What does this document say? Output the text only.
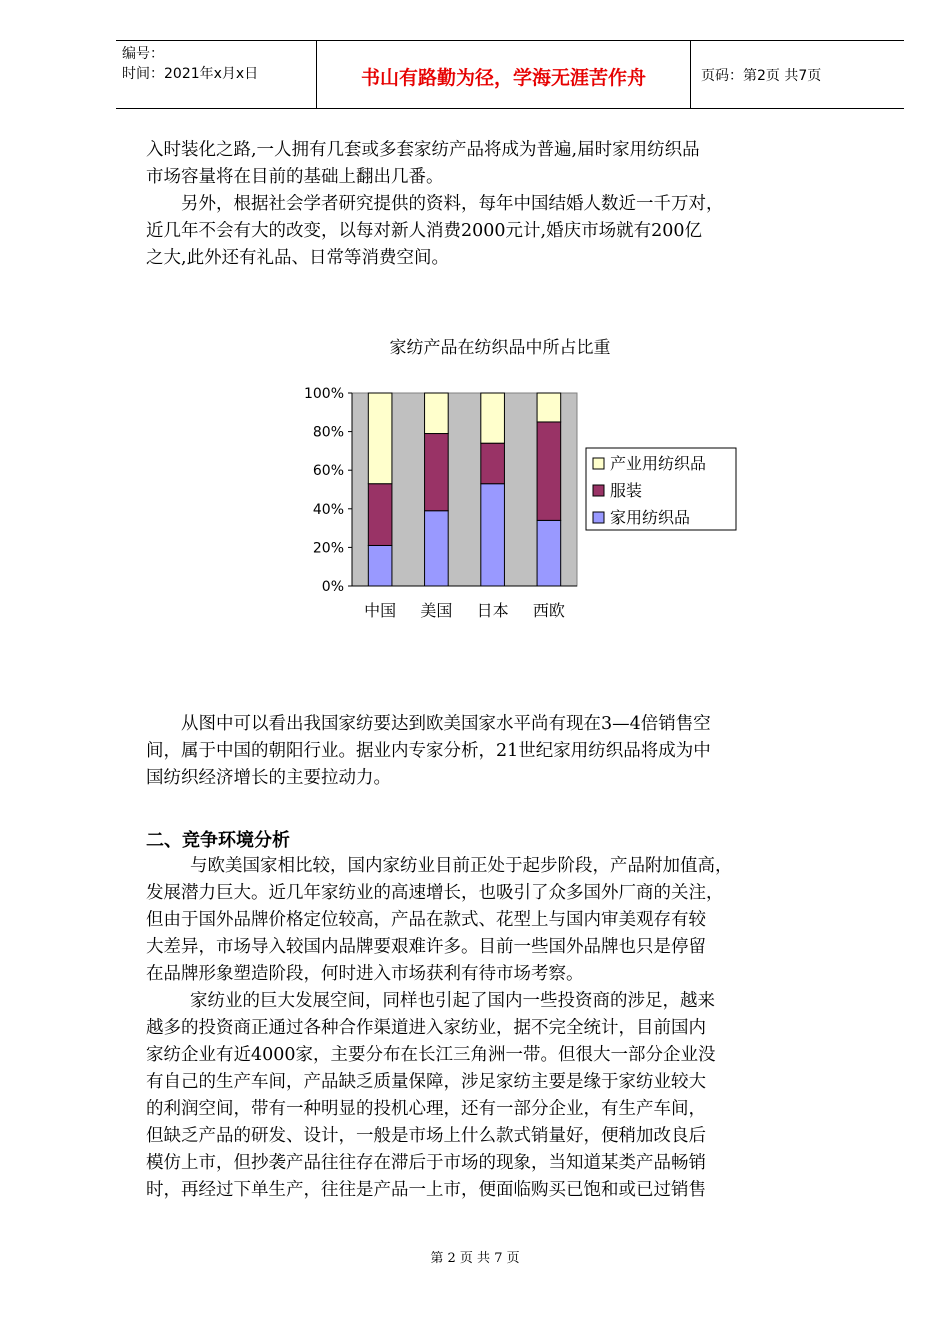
编号：
时间：2021年x月x日	书山有路勤为径，学海无涯苦作舟	页码：第2页 共7页
入时装化之路,一人拥有几套或多套家纺产品将成为普遍,届时家用纺织品
市场容量将在目前的基础上翻出几番。
另外，根据社会学者研究提供的资料，每年中国结婚人数近一千万对，
近几年不会有大的改变，以每对新人消费2000元计,婚庆市场就有200亿
之大,此外还有礼品、日常等消费空间。
家纺产品在纺织品中所占比重
0%
20%
40%
60%
80%
100%
中国 美国 日本 西欧
产业用纺织品
服装
家用纺织品
从图中可以看出我国家纺要达到欧美国家水平尚有现在3—4倍销售空
间，属于中国的朝阳行业。据业内专家分析，21世纪家用纺织品将成为中
国纺织经济增长的主要拉动力。
二、竞争环境分析
与欧美国家相比较，国内家纺业目前正处于起步阶段，产品附加值高，
发展潜力巨大。近几年家纺业的高速增长，也吸引了众多国外厂商的关注，
但由于国外品牌价格定位较高，产品在款式、花型上与国内审美观存有较
大差异，市场导入较国内品牌要艰难许多。目前一些国外品牌也只是停留
在品牌形象塑造阶段，何时进入市场获利有待市场考察。
家纺业的巨大发展空间，同样也引起了国内一些投资商的涉足，越来
越多的投资商正通过各种合作渠道进入家纺业，据不完全统计，目前国内
家纺企业有近4000家，主要分布在长江三角洲一带。但很大一部分企业没
有自己的生产车间，产品缺乏质量保障，涉足家纺主要是缘于家纺业较大
的利润空间，带有一种明显的投机心理，还有一部分企业，有生产车间，
但缺乏产品的研发、设计，一般是市场上什么款式销量好，便稍加改良后
模仿上市，但抄袭产品往往存在滞后于市场的现象，当知道某类产品畅销
时，再经过下单生产，往往是产品一上市，便面临购买已饱和或已过销售
第 2 页 共 7 页
